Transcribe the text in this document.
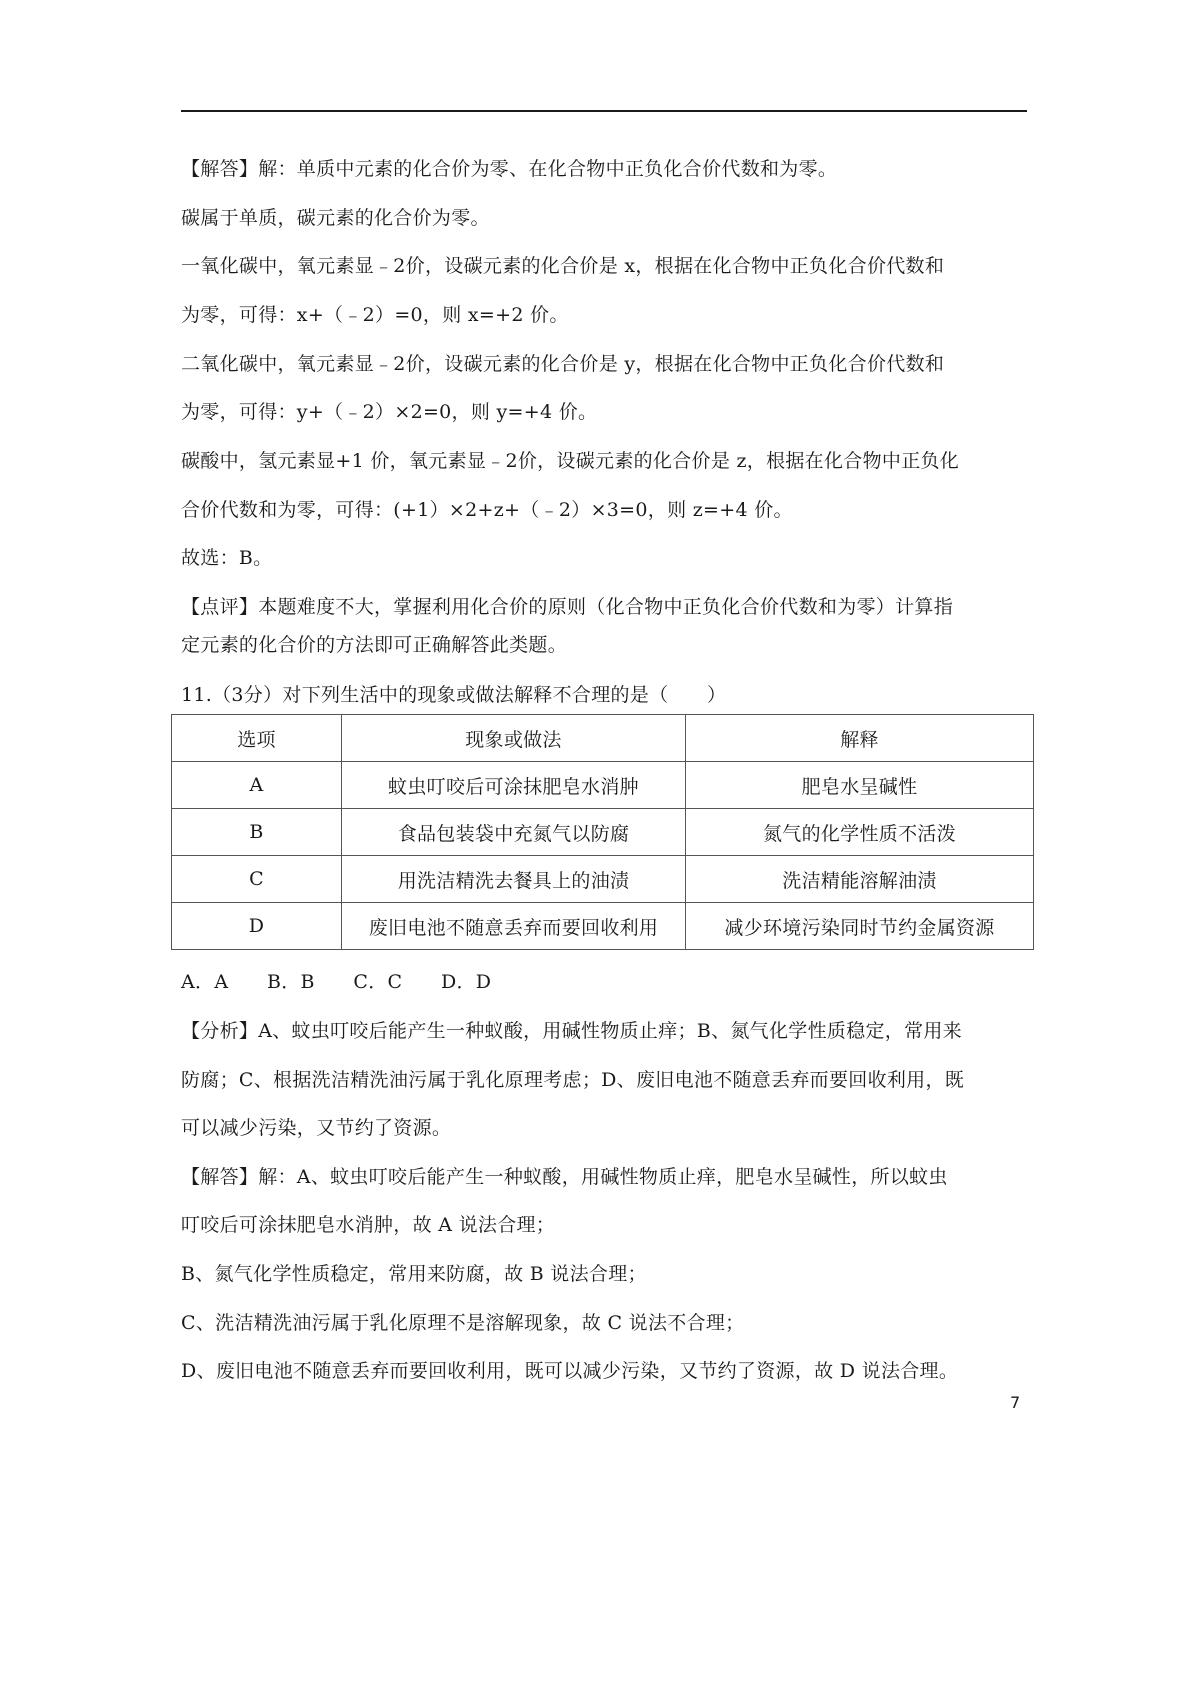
【解答】解：单质中元素的化合价为零、在化合物中正负化合价代数和为零。
碳属于单质，碳元素的化合价为零。
一氧化碳中，氧元素显﹣2价，设碳元素的化合价是 x，根据在化合物中正负化合价代数和
为零，可得：x+（﹣2）=0，则 x=+2 价。
二氧化碳中，氧元素显﹣2价，设碳元素的化合价是 y，根据在化合物中正负化合价代数和
为零，可得：y+（﹣2）×2=0，则 y=+4 价。
碳酸中，氢元素显+1 价，氧元素显﹣2价，设碳元素的化合价是 z，根据在化合物中正负化
合价代数和为零，可得：(+1）×2+z+（﹣2）×3=0，则 z=+4 价。
故选：B。
【点评】本题难度不大，掌握利用化合价的原则（化合物中正负化合价代数和为零）计算指
定元素的化合价的方法即可正确解答此类题。
11.（3分）对下列生活中的现象或做法解释不合理的是（　　）
选项	现象或做法	解释
A	蚊虫叮咬后可涂抹肥皂水消肿	肥皂水呈碱性
B	食品包装袋中充氮气以防腐	氮气的化学性质不活泼
C	用洗洁精洗去餐具上的油渍	洗洁精能溶解油渍
D	废旧电池不随意丢弃而要回收利用	减少环境污染同时节约金属资源
A．A　　B．B　　C．C　　D．D
【分析】A、蚊虫叮咬后能产生一种蚁酸，用碱性物质止痒；B、氮气化学性质稳定，常用来
防腐；C、根据洗洁精洗油污属于乳化原理考虑；D、废旧电池不随意丢弃而要回收利用，既
可以减少污染，又节约了资源。
【解答】解：A、蚊虫叮咬后能产生一种蚁酸，用碱性物质止痒，肥皂水呈碱性，所以蚊虫
叮咬后可涂抹肥皂水消肿，故 A 说法合理；
B、氮气化学性质稳定，常用来防腐，故 B 说法合理；
C、洗洁精洗油污属于乳化原理不是溶解现象，故 C 说法不合理；
D、废旧电池不随意丢弃而要回收利用，既可以减少污染，又节约了资源，故 D 说法合理。
7
